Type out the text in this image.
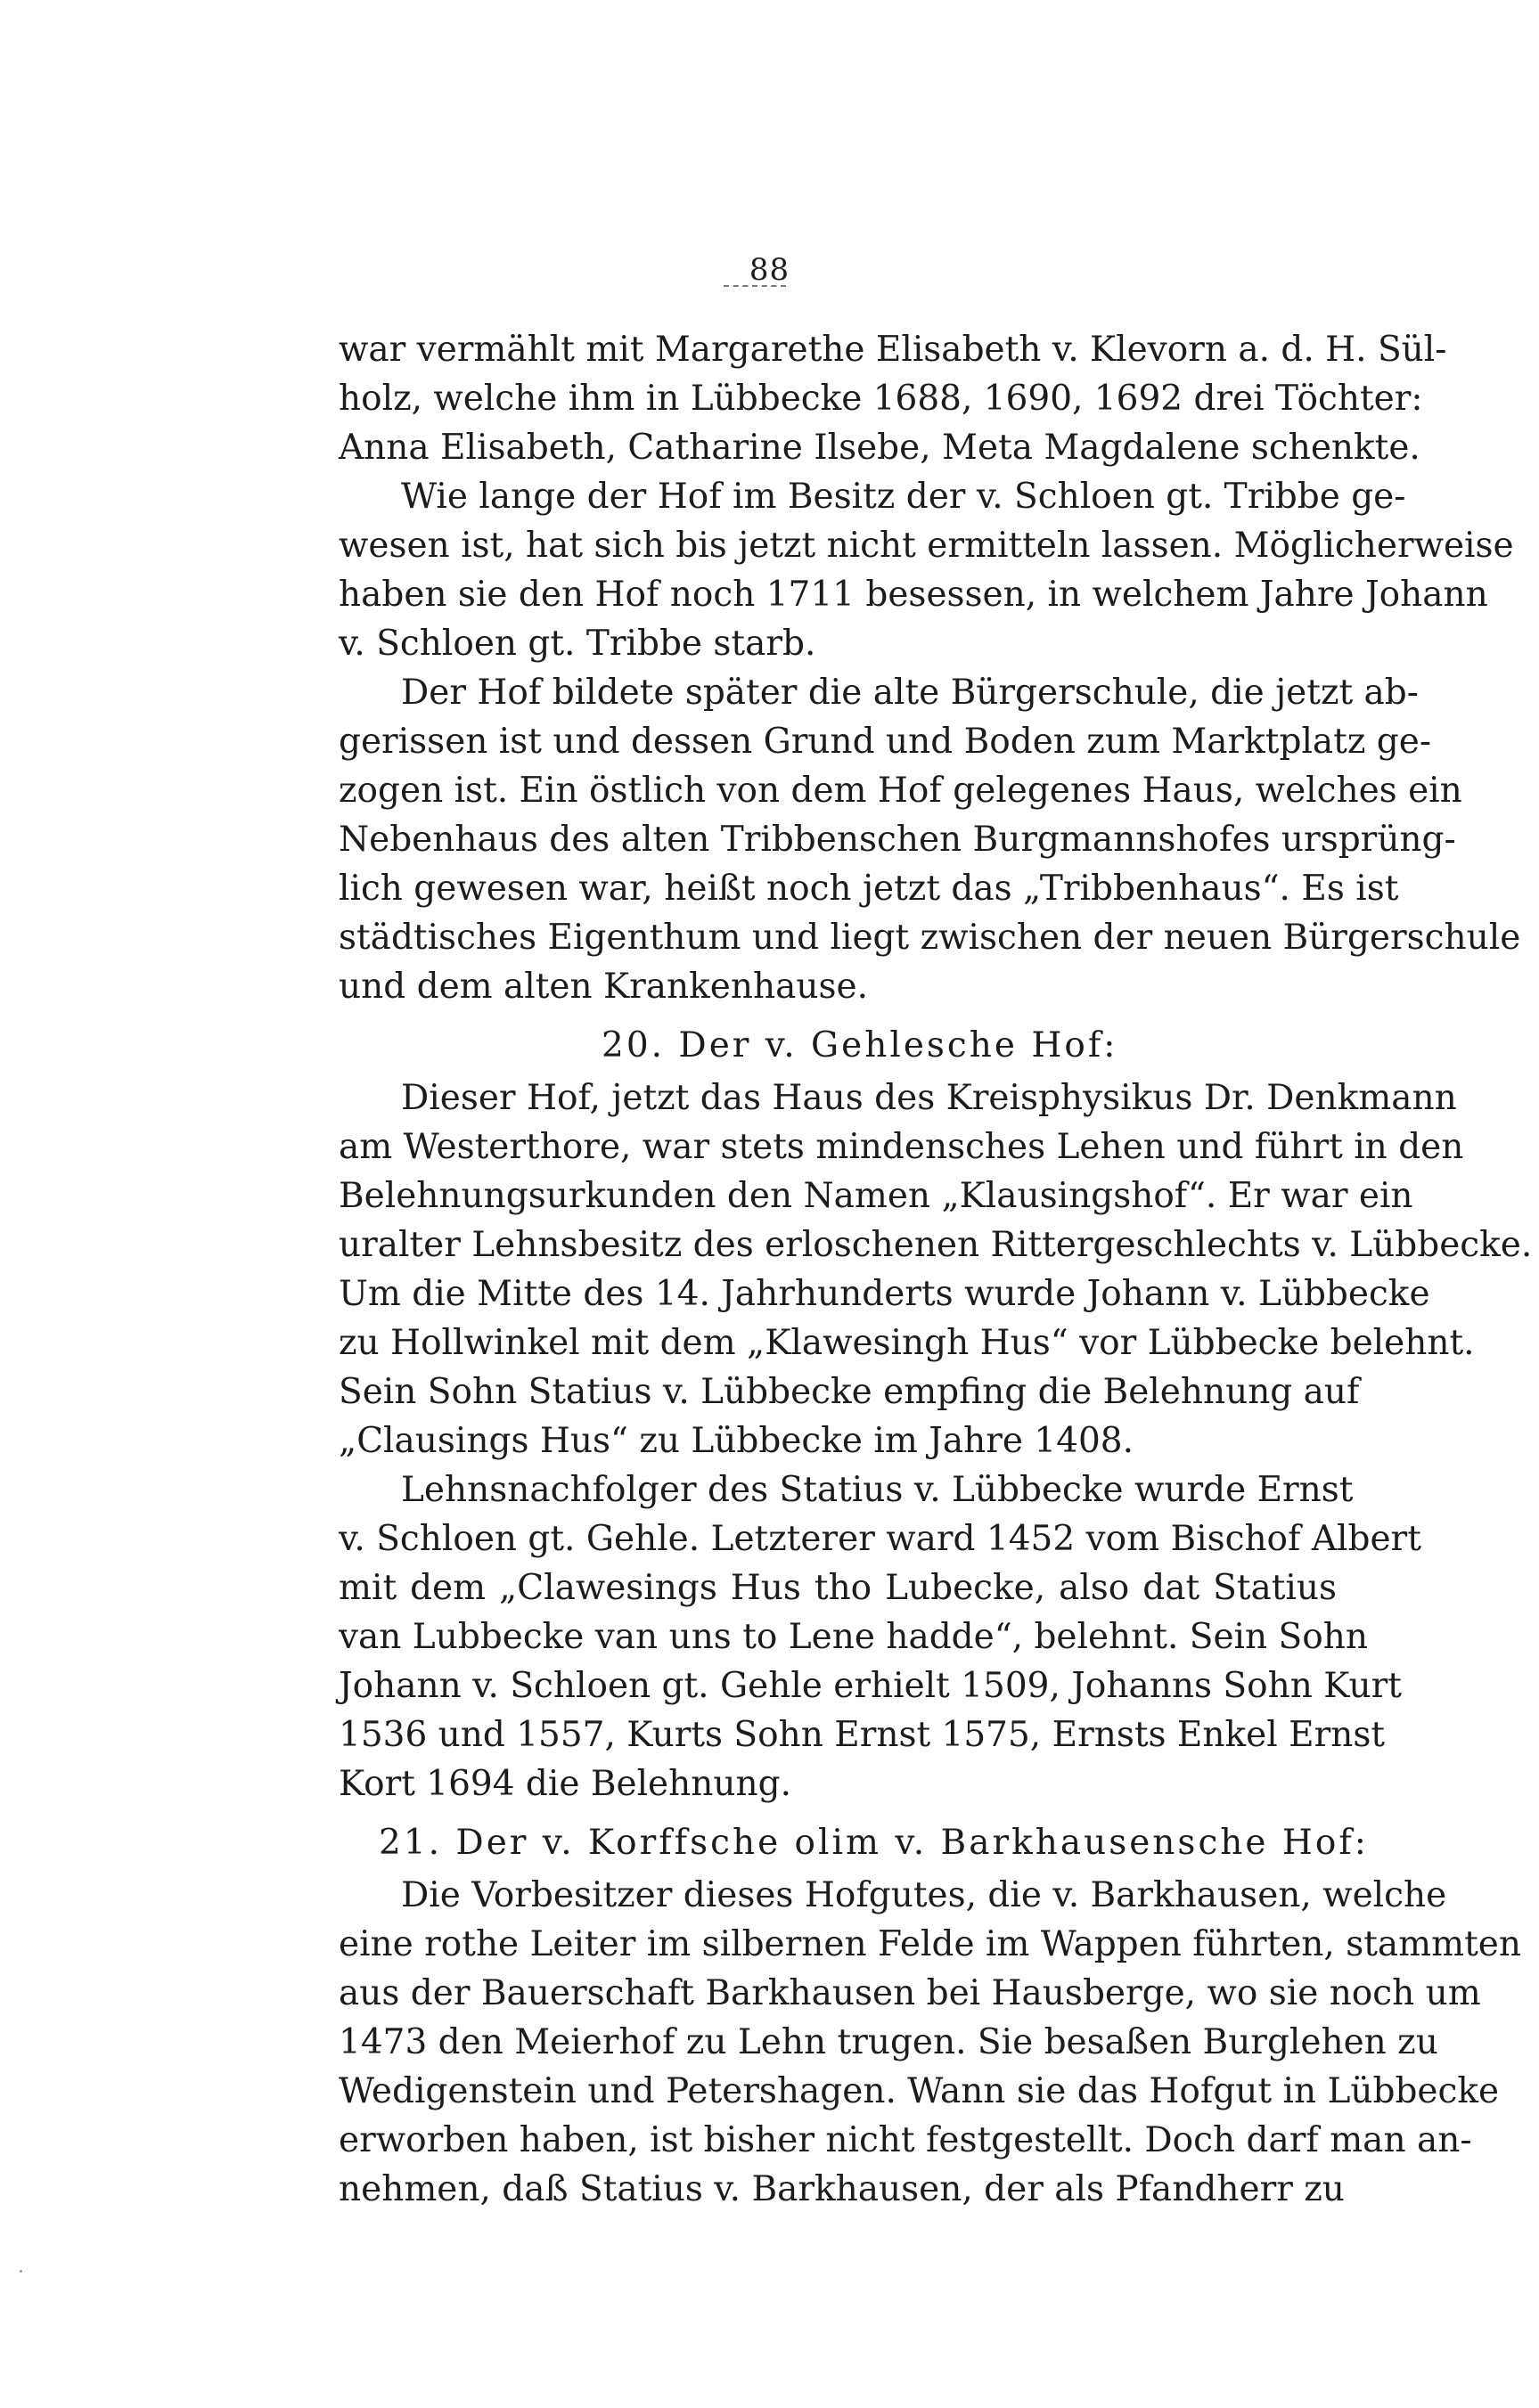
88
war vermählt mit Margarethe Elisabeth v. Klevorn a. d. H. Sül-
holz, welche ihm in Lübbecke 1688, 1690, 1692 drei Töchter:
Anna Elisabeth, Catharine Ilsebe, Meta Magdalene schenkte.
Wie lange der Hof im Besitz der v. Schloen gt. Tribbe ge-
wesen ist, hat sich bis jetzt nicht ermitteln lassen. Möglicherweise
haben sie den Hof noch 1711 besessen, in welchem Jahre Johann
v. Schloen gt. Tribbe starb.
Der Hof bildete später die alte Bürgerschule, die jetzt ab-
gerissen ist und dessen Grund und Boden zum Marktplatz ge-
zogen ist. Ein östlich von dem Hof gelegenes Haus, welches ein
Nebenhaus des alten Tribbenschen Burgmannshofes ursprüng-
lich gewesen war, heißt noch jetzt das „Tribbenhaus“. Es ist
städtisches Eigenthum und liegt zwischen der neuen Bürgerschule
und dem alten Krankenhause.
20. Der v. Gehlesche Hof:
Dieser Hof, jetzt das Haus des Kreisphysikus Dr. Denkmann
am Westerthore, war stets mindensches Lehen und führt in den
Belehnungsurkunden den Namen „Klausingshof“. Er war ein
uralter Lehnsbesitz des erloschenen Rittergeschlechts v. Lübbecke.
Um die Mitte des 14. Jahrhunderts wurde Johann v. Lübbecke
zu Hollwinkel mit dem „Klawesingh Hus“ vor Lübbecke belehnt.
Sein Sohn Statius v. Lübbecke empfing die Belehnung auf
„Clausings Hus“ zu Lübbecke im Jahre 1408.
Lehnsnachfolger des Statius v. Lübbecke wurde Ernst
v. Schloen gt. Gehle. Letzterer ward 1452 vom Bischof Albert
mit dem „Clawesings Hus tho Lubecke, also dat Statius
van Lubbecke van uns to Lene hadde“, belehnt. Sein Sohn
Johann v. Schloen gt. Gehle erhielt 1509, Johanns Sohn Kurt
1536 und 1557, Kurts Sohn Ernst 1575, Ernsts Enkel Ernst
Kort 1694 die Belehnung.
21. Der v. Korffsche olim v. Barkhausensche Hof:
Die Vorbesitzer dieses Hofgutes, die v. Barkhausen, welche
eine rothe Leiter im silbernen Felde im Wappen führten, stammten
aus der Bauerschaft Barkhausen bei Hausberge, wo sie noch um
1473 den Meierhof zu Lehn trugen. Sie besaßen Burglehen zu
Wedigenstein und Petershagen. Wann sie das Hofgut in Lübbecke
erworben haben, ist bisher nicht festgestellt. Doch darf man an-
nehmen, daß Statius v. Barkhausen, der als Pfandherr zu
